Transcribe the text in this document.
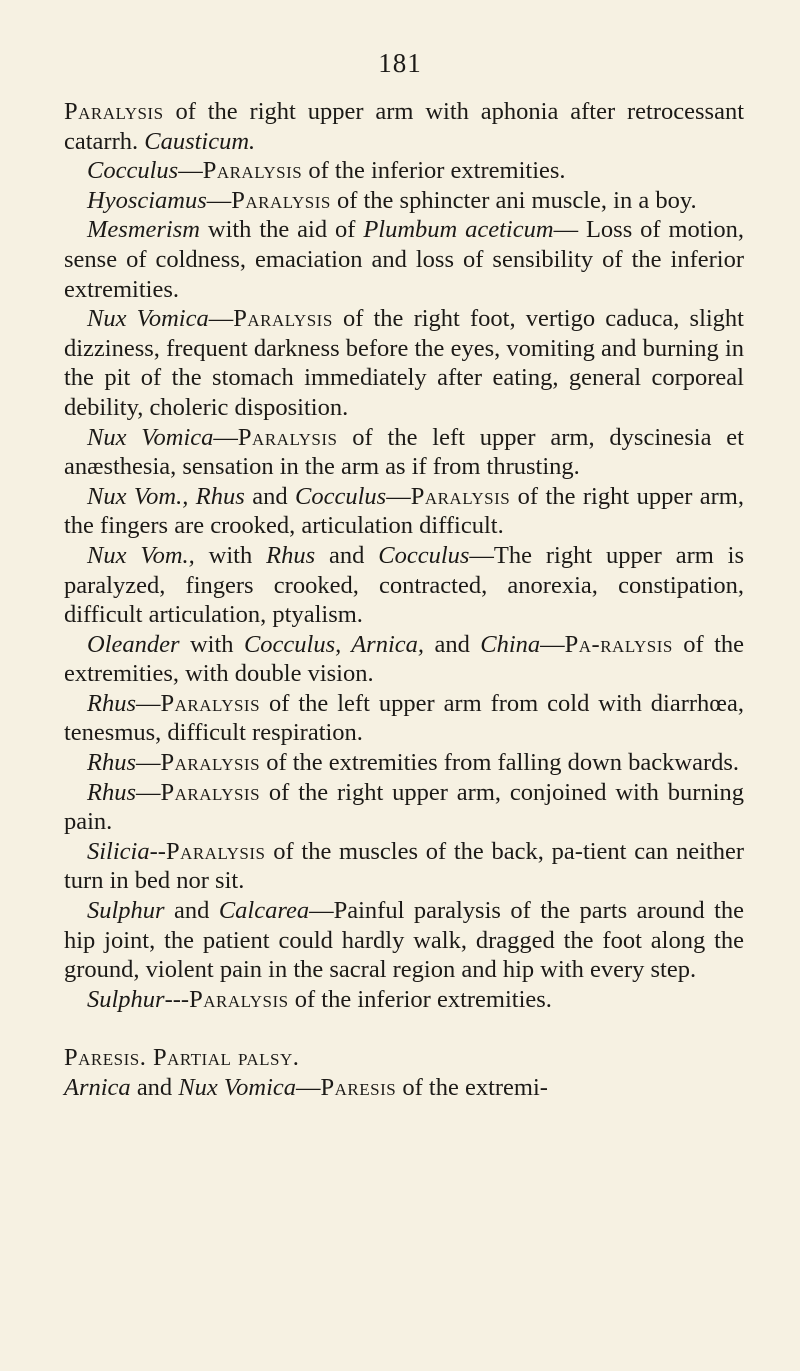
181

Paralysis of the right upper arm with aphonia after retrocessant catarrh. Causticum.

Cocculus—Paralysis of the inferior extremities.

Hyosciamus—Paralysis of the sphincter ani muscle, in a boy.

Mesmerism with the aid of Plumbum aceticum— Loss of motion, sense of coldness, emaciation and loss of sensibility of the inferior extremities.

Nux Vomica—Paralysis of the right foot, vertigo caduca, slight dizziness, frequent darkness before the eyes, vomiting and burning in the pit of the stomach immediately after eating, general corporeal debility, choleric disposition.

Nux Vomica—Paralysis of the left upper arm, dyscinesia et anæsthesia, sensation in the arm as if from thrusting.

Nux Vom., Rhus and Cocculus—Paralysis of the right upper arm, the fingers are crooked, articulation difficult.

Nux Vom., with Rhus and Cocculus—The right upper arm is paralyzed, fingers crooked, contracted, anorexia, constipation, difficult articulation, ptyalism.

Oleander with Cocculus, Arnica, and China—Pa-ralysis of the extremities, with double vision.

Rhus—Paralysis of the left upper arm from cold with diarrhœa, tenesmus, difficult respiration.

Rhus—Paralysis of the extremities from falling down backwards.

Rhus—Paralysis of the right upper arm, conjoined with burning pain.

Silicia--Paralysis of the muscles of the back, pa-tient can neither turn in bed nor sit.

Sulphur and Calcarea—Painful paralysis of the parts around the hip joint, the patient could hardly walk, dragged the foot along the ground, violent pain in the sacral region and hip with every step.

Sulphur---Paralysis of the inferior extremities.

Paresis. Partial palsy.

Arnica and Nux Vomica—Paresis of the extremi-
